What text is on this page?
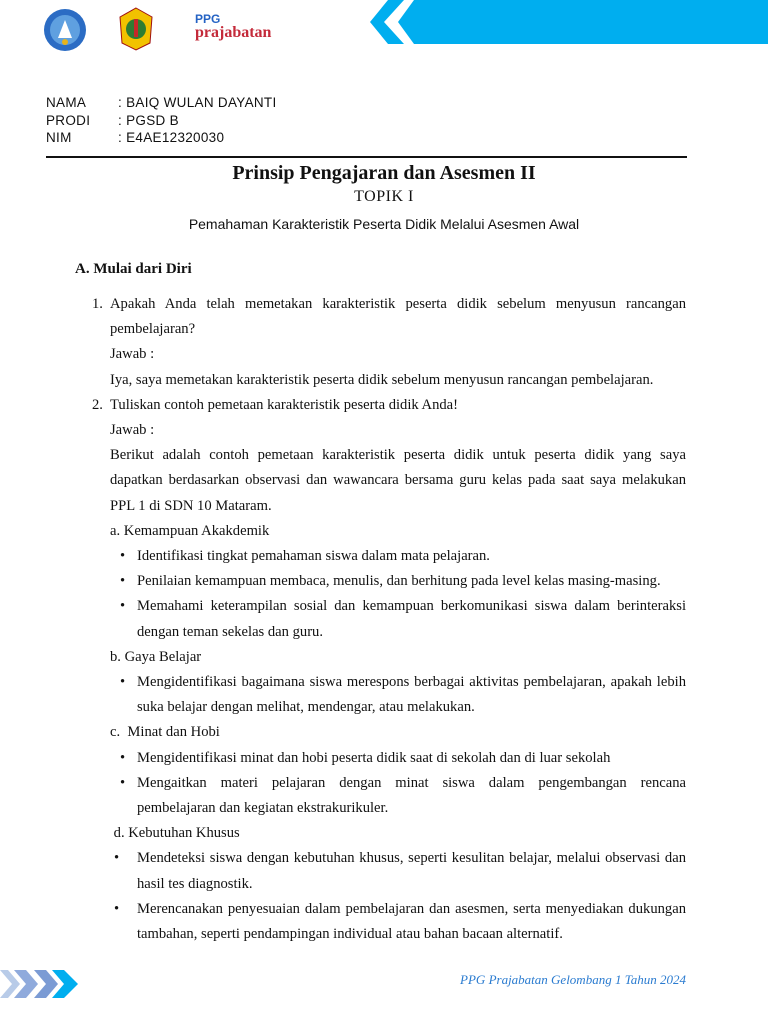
PPG
prajabatan
NAMA	: BAIQ WULAN DAYANTI
PRODI	: PGSD B
NIM	: E4AE12320030
Prinsip Pengajaran dan Asesmen II
TOPIK I
Pemahaman Karakteristik Peserta Didik Melalui Asesmen Awal
A. Mulai dari Diri
1. Apakah Anda telah memetakan karakteristik peserta didik sebelum menyusun rancangan pembelajaran?
Jawab :
Iya, saya memetakan karakteristik peserta didik sebelum menyusun rancangan pembelajaran.
2. Tuliskan contoh pemetaan karakteristik peserta didik Anda!
Jawab :
Berikut adalah contoh pemetaan karakteristik peserta didik untuk peserta didik yang saya dapatkan berdasarkan observasi dan wawancara bersama guru kelas pada saat saya melakukan PPL 1 di SDN 10 Mataram.
a. Kemampuan Akakdemik
• Identifikasi tingkat pemahaman siswa dalam mata pelajaran.
• Penilaian kemampuan membaca, menulis, dan berhitung pada level kelas masing-masing.
• Memahami keterampilan sosial dan kemampuan berkomunikasi siswa dalam berinteraksi dengan teman sekelas dan guru.
b. Gaya Belajar
• Mengidentifikasi bagaimana siswa merespons berbagai aktivitas pembelajaran, apakah lebih suka belajar dengan melihat, mendengar, atau melakukan.
c.  Minat dan Hobi
• Mengidentifikasi minat dan hobi peserta didik saat di sekolah dan di luar sekolah
• Mengaitkan materi pelajaran dengan minat siswa dalam pengembangan rencana pembelajaran dan kegiatan ekstrakurikuler.
d. Kebutuhan Khusus
•	Mendeteksi siswa dengan kebutuhan khusus, seperti kesulitan belajar, melalui observasi dan hasil tes diagnostik.
•	Merencanakan penyesuaian dalam pembelajaran dan asesmen, serta menyediakan dukungan tambahan, seperti pendampingan individual atau bahan bacaan alternatif.
PPG Prajabatan Gelombang 1 Tahun 2024
